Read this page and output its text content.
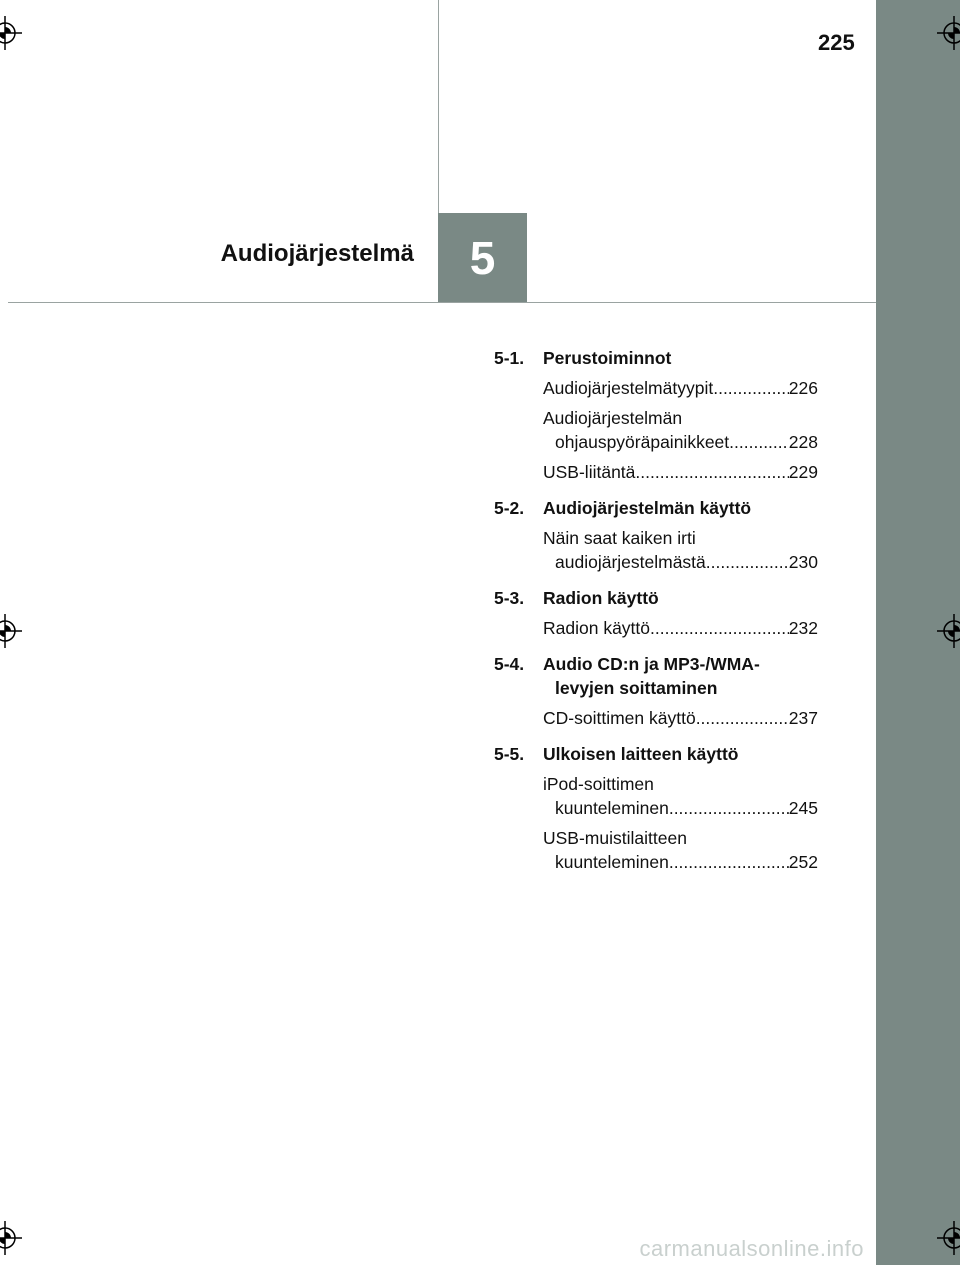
225
Audiojärjestelmä 5
5-1.	Perustoiminnot
Audiojärjestelmätyypit .....	226
Audiojärjestelmän
ohjauspyöräpainikkeet .....	228
USB-liitäntä .....	229
5-2.	Audiojärjestelmän käyttö
Näin saat kaiken irti
audiojärjestelmästä .....	230
5-3.	Radion käyttö
Radion käyttö .....	232
5-4.	Audio CD:n ja MP3-/WMA-levyjen soittaminen
CD-soittimen käyttö .....	237
5-5.	Ulkoisen laitteen käyttö
iPod-soittimen
kuunteleminen .....	245
USB-muistilaitteen
kuunteleminen .....	252
carmanualsonline.info
